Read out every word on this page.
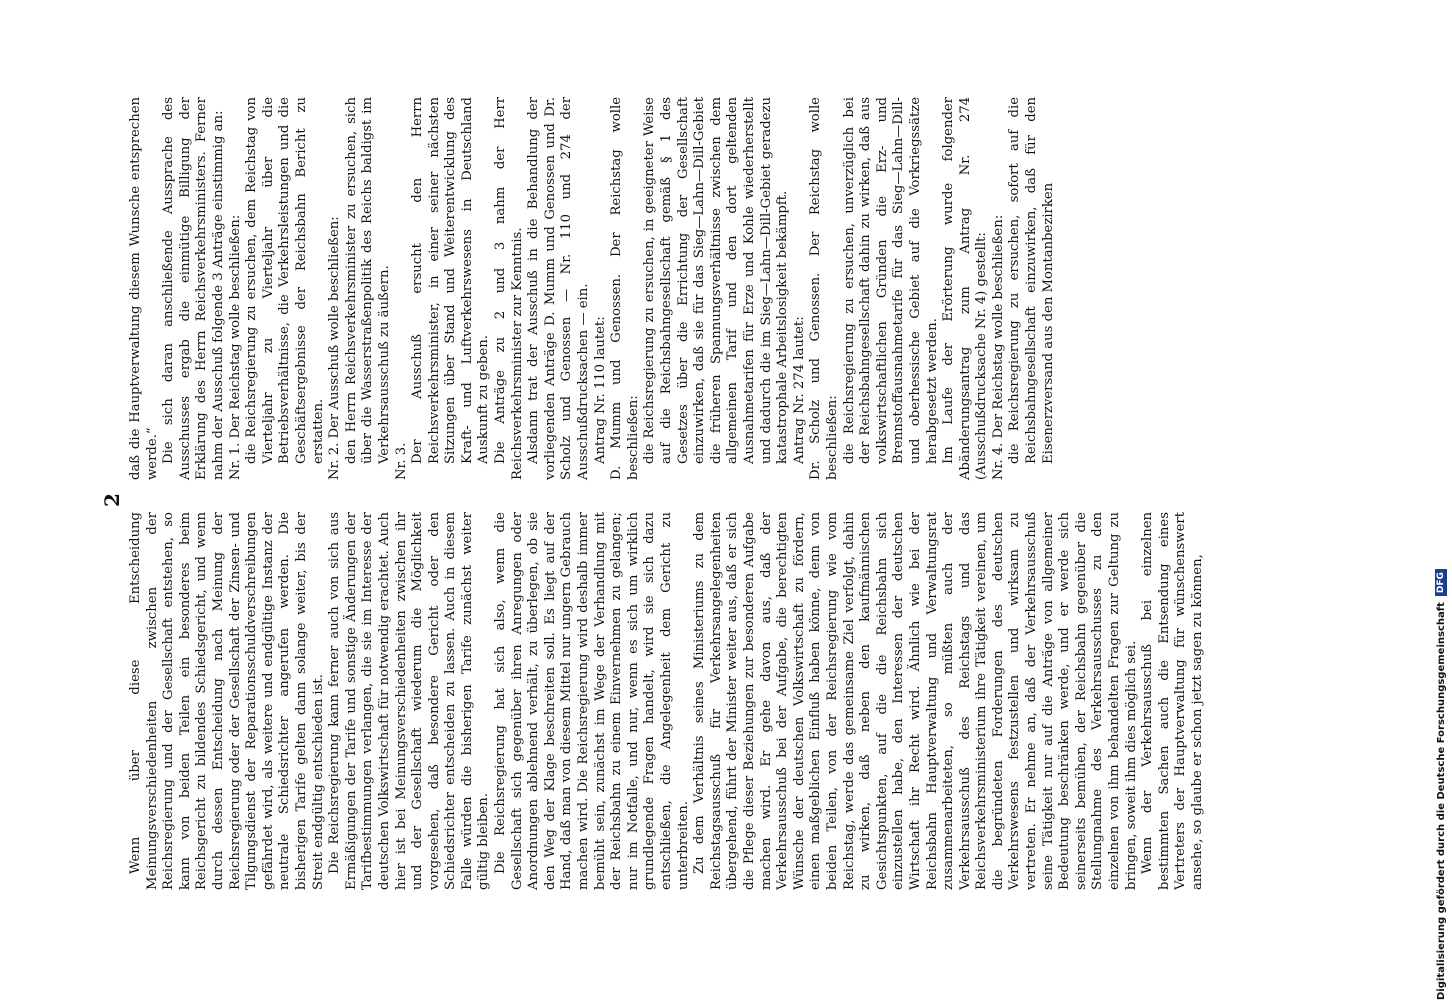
2

Wenn über diese Entscheidung Meinungsverschiedenheiten zwischen der Reichsregierung und der Gesellschaft entstehen, so kann von beiden Teilen ein besonderes beim Reichsgericht zu bildendes Schiedsgericht, und wenn durch dessen Entscheidung nach Meinung der Reichsregierung oder der Gesellschaft der Zinsen- und Tilgungsdienst der Reparationsschuldverschreibungen gefährdet wird, als weitere und endgültige Instanz der neutrale Schiedsrichter angerufen werden. Die bisherigen Tarife gelten dann solange weiter, bis der Streit endgültig entschieden ist. Die Reichsregierung kann ferner auch von sich aus Ermäßigungen der Tarife und sonstige Änderungen der Tarifbestimmungen verlangen, die sie im Interesse der deutschen Volkswirtschaft für notwendig erachtet. Auch hier ist bei Meinungsverschiedenheiten zwischen ihr und der Gesellschaft wiederum die Möglichkeit vorgesehen, daß besondere Gericht oder den Schiedsrichter entscheiden zu lassen. Auch in diesem Falle würden die bisherigen Tarife zunächst weiter gültig bleiben. Die Reichsregierung hat sich also, wenn die Gesellschaft sich gegenüber ihren Anregungen oder Anordnungen ablehnend verhält, zu überlegen, ob sie den Weg der Klage beschreiten soll. Es liegt auf der Hand, daß man von diesem Mittel nur ungern Gebrauch machen wird. Die Reichsregierung wird deshalb immer bemüht sein, zunächst im Wege der Verhandlung mit der Reichsbahn zu einem Einvernehmen zu gelangen; nur im Notfalle, und nur, wenn es sich um wirklich grundlegende Fragen handelt, wird sie sich dazu entschließen, die Angelegenheit dem Gericht zu unterbreiten. Zu dem Verhältnis seines Ministeriums zu dem Reichstagsausschuß für Verkehrsangelegenheiten übergehend, führt der Minister weiter aus, daß er sich die Pflege dieser Beziehungen zur besonderen Aufgabe machen wird. Er gehe davon aus, daß der Verkehrsausschuß bei der Aufgabe, die berechtigten Wünsche der deutschen Volkswirtschaft zu fördern, einen maßgeblichen Einfluß haben könne, denn von beiden Teilen, von der Reichsregierung wie vom Reichstag, werde das gemeinsame Ziel verfolgt, dahin zu wirken, daß neben den kaufmännischen Gesichtspunkten, auf die die Reichsbahn sich einzustellen habe, den Interessen der deutschen Wirtschaft ihr Recht wird. Ähnlich wie bei der Reichsbahn Hauptverwaltung und Verwaltungsrat zusammenarbeiteten, so müßten auch der Verkehrsausschuß des Reichstags und das Reichsverkehrsministerium ihre Tätigkeit vereinen, um die begründeten Forderungen des deutschen Verkehrswesens festzustellen und wirksam zu vertreten. Er nehme an, daß der Verkehrsausschuß seine Tätigkeit nur auf die Anträge von allgemeiner Bedeutung beschränken werde, und er werde sich seinerseits bemühen, der Reichsbahn gegenüber die Stellungnahme des Verkehrsausschusses zu den einzelnen von ihm behandelten Fragen zur Geltung zu bringen, soweit ihm dies möglich sei. Wenn der Verkehrsausschuß bei einzelnen bestimmten Sachen auch die Entsendung eines Vertreters der Hauptverwaltung für wünschenswert ansehe, so glaube er schon jetzt sagen zu können,

daß die Hauptverwaltung diesem Wunsche entsprechen werde.“ Die sich daran anschließende Aussprache des Ausschusses ergab die einmütige Billigung der Erklärung des Herrn Reichsverkehrsministers. Ferner nahm der Ausschuß folgende 3 Anträge einstimmig an: Nr. 1. Der Reichstag wolle beschließen: die Reichsregierung zu ersuchen, dem Reichstag von Vierteljahr zu Vierteljahr über die Betriebsverhältnisse, die Verkehrsleistungen und die Geschäftsergebnisse der Reichsbahn Bericht zu erstatten. Nr. 2. Der Ausschuß wolle beschließen: den Herrn Reichsverkehrsminister zu ersuchen, sich über die Wasserstraßenpolitik des Reichs baldigst im Verkehrsausschuß zu äußern. Nr. 3. Der Ausschuß ersucht den Herrn Reichsverkehrsminister, in einer seiner nächsten Sitzungen über Stand und Weiterentwicklung des Kraft- und Luftverkehrswesens in Deutschland Auskunft zu geben. Die Anträge zu 2 und 3 nahm der Herr Reichsverkehrsminister zur Kenntnis. Alsdann trat der Ausschuß in die Behandlung der vorliegenden Anträge D. Mumm und Genossen und Dr. Scholz und Genossen — Nr. 110 und 274 der Ausschußdrucksachen — ein. Antrag Nr. 110 lautet: D. Mumm und Genossen. Der Reichstag wolle beschließen: die Reichsregierung zu ersuchen, in geeigneter Weise auf die Reichsbahngesellschaft gemäß § 1 des Gesetzes über die Errichtung der Gesellschaft einzuwirken, daß sie für das Sieg—Lahn—Dill-Gebiet die früheren Spannungsverhältnisse zwischen dem allgemeinen Tarif und den dort geltenden Ausnahmetarifen für Erze und Kohle wiederherstellt und dadurch die im Sieg—Lahn—Dill-Gebiet geradezu katastrophale Arbeitslosigkeit bekämpft. Antrag Nr. 274 lautet: Dr. Scholz und Genossen. Der Reichstag wolle beschließen: die Reichsregierung zu ersuchen, unverzüglich bei der Reichsbahngesellschaft dahin zu wirken, daß aus volkswirtschaftlichen Gründen die Erz- und Brennstoffausnahmetarife für das Sieg—Lahn—Dill- und oberhessische Gebiet auf die Vorkriegssätze herabgesetzt werden. Im Laufe der Erörterung wurde folgender Abänderungsantrag zum Antrag Nr. 274 (Ausschußdrucksache Nr. 4) gestellt: Nr. 4. Der Reichstag wolle beschließen: die Reichsregierung zu ersuchen, sofort auf die Reichsbahngesellschaft einzuwirken, daß für den Eisenerzversand aus den Montanbezirken

Digitalisierung gefördert durch die Deutsche Forschungsgemeinschaft
DFG
